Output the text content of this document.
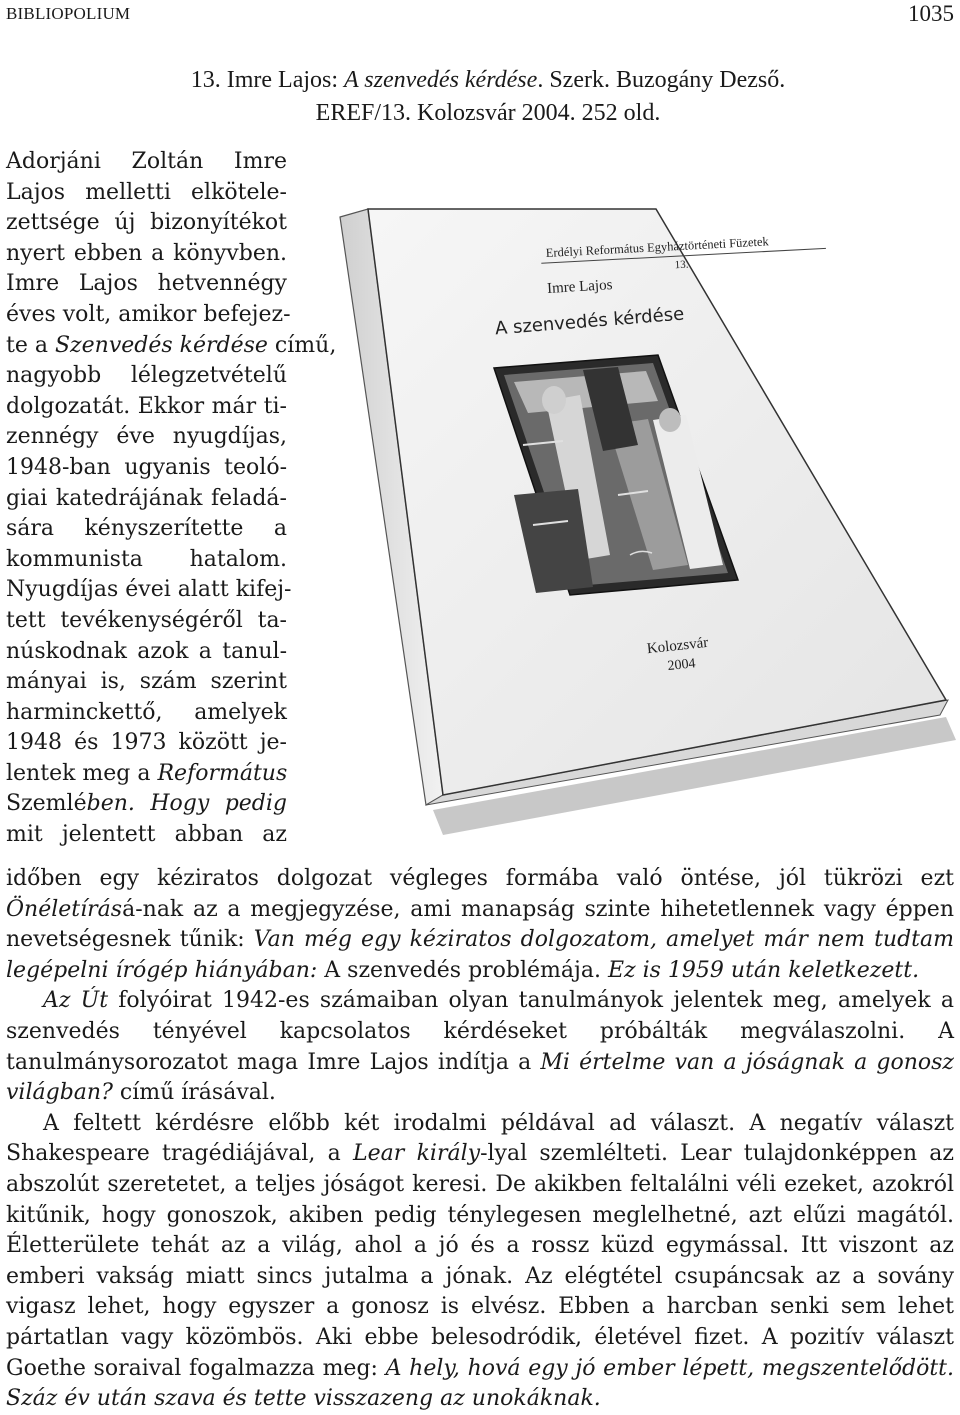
BIBLIOPOLIUM	1035
13. Imre Lajos: A szenvedés kérdése. Szerk. Buzogány Dezső.
EREF/13. Kolozsvár 2004. 252 old.
Erdélyi Református Egyháztörténeti Füzetek
13.
Imre Lajos
A szenvedés kérdése
Kolozsvár
2004
Adorjáni Zoltán Imre
Lajos melletti elkötele-
zettsége új bizonyítékot
nyert ebben a könyvben.
Imre Lajos hetvennégy
éves volt, amikor befejez-
te a Szenvedés kérdése című,
nagyobb lélegzetvételű
dolgozatát. Ekkor már ti-
zennégy éve nyugdíjas,
1948-ban ugyanis teoló-
giai katedrájának feladá-
sára kényszerítette a
kommunista hatalom.
Nyugdíjas évei alatt kifej-
tett tevékenységéről ta-
núskodnak azok a tanul-
mányai is, szám szerint
harminckettő, amelyek
1948 és 1973 között je-
lentek meg a Református
Szemlében. Hogy pedig
mit jelentett abban az

időben egy kéziratos dolgozat végleges formába való öntése, jól tükrözi ezt Önéletírásá-nak az a megjegyzése, ami manapság szinte hihetetlennek vagy éppen nevetségesnek tűnik: Van még egy kéziratos dolgozatom, amelyet már nem tudtam legépelni írógép hiányában: A szenvedés problémája. Ez is 1959 után keletkezett.

Az Út folyóirat 1942-es számaiban olyan tanulmányok jelentek meg, amelyek a szenvedés tényével kapcsolatos kérdéseket próbálták megválaszolni. A tanulmánysorozatot maga Imre Lajos indítja a Mi értelme van a jóságnak a gonosz világban? című írásával.

A feltett kérdésre előbb két irodalmi példával ad választ. A negatív választ Shakespeare tragédiájával, a Lear király-lyal szemlélteti. Lear tulajdonképpen az abszolút szeretetet, a teljes jóságot keresi. De akikben feltalálni véli ezeket, azokról kitűnik, hogy gonoszok, akiben pedig ténylegesen meglelhetné, azt elűzi magától. Életterülete tehát az a világ, ahol a jó és a rossz küzd egymással. Itt viszont az emberi vakság miatt sincs jutalma a jónak. Az elégtétel csupáncsak az a sovány vigasz lehet, hogy egyszer a gonosz is elvész. Ebben a harcban senki sem lehet pártatlan vagy közömbös. Aki ebbe belesodródik, életével fizet. A pozitív választ Goethe soraival fogalmazza meg: A hely, hová egy jó ember lépett, megszentelődött. Száz év után szava és tette visszazeng az unokáknak.
